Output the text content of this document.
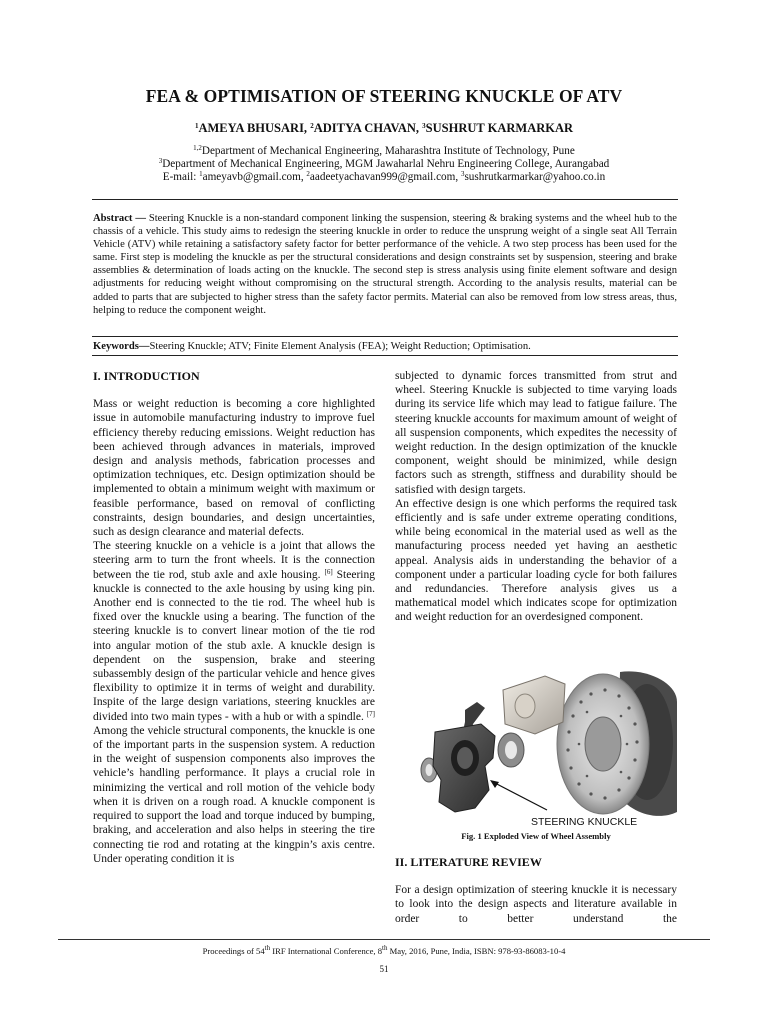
FEA & OPTIMISATION OF STEERING KNUCKLE OF ATV
$^1$AMEYA BHUSARI, $^2$ADITYA CHAVAN, $^3$SUSHRUT KARMARKAR
$^{1,2}$Department of Mechanical Engineering, Maharashtra Institute of Technology, Pune
$^3$Department of Mechanical Engineering, MGM Jawaharlal Nehru Engineering College, Aurangabad
E-mail: $^1$ameyavb@gmail.com, $^2$aadeetyachavan999@gmail.com, $^3$sushrutkarmarkar@yahoo.co.in
Abstract — Steering Knuckle is a non-standard component linking the suspension, steering & braking systems and the wheel hub to the chassis of a vehicle. This study aims to redesign the steering knuckle in order to reduce the unsprung weight of a single seat All Terrain Vehicle (ATV) while retaining a satisfactory safety factor for better performance of the vehicle. A two step process has been used for the same. First step is modeling the knuckle as per the structural considerations and design constraints set by suspension, steering and brake assemblies & determination of loads acting on the knuckle. The second step is stress analysis using finite element software and design adjustments for reducing weight without compromising on the structural strength. According to the analysis results, material can be added to parts that are subjected to higher stress than the safety factor permits. Material can also be removed from low stress areas, thus, helping to reduce the component weight.
Keywords—Steering Knuckle; ATV; Finite Element Analysis (FEA); Weight Reduction; Optimisation.

I. INTRODUCTION

Mass or weight reduction is becoming a core highlighted issue in automobile manufacturing industry to improve fuel efficiency thereby reducing emissions. Weight reduction has been achieved through advances in materials, improved design and analysis methods, fabrication processes and optimization techniques, etc. Design optimization should be implemented to obtain a minimum weight with maximum or feasible performance, based on removal of conflicting constraints, design boundaries, and design uncertainties, such as design clearance and material defects.

The steering knuckle on a vehicle is a joint that allows the steering arm to turn the front wheels. It is the connection between the tie rod, stub axle and axle housing. [6] Steering knuckle is connected to the axle housing by using king pin. Another end is connected to the tie rod. The wheel hub is fixed over the knuckle using a bearing. The function of the steering knuckle is to convert linear motion of the tie rod into angular motion of the stub axle. A knuckle design is dependent on the suspension, brake and steering subassembly design of the particular vehicle and hence gives flexibility to optimize it in terms of weight and durability. Inspite of the large design variations, steering knuckles are divided into two main types - with a hub or with a spindle. [7] Among the vehicle structural components, the knuckle is one of the important parts in the suspension system. A reduction in the weight of suspension components also improves the vehicle’s handling performance. It plays a crucial role in minimizing the vertical and roll motion of the vehicle body when it is driven on a rough road. A knuckle component is required to support the load and torque induced by bumping, braking, and acceleration and also helps in steering the tire connecting tie rod and rotating at the kingpin’s axis centre. Under operating condition it is

subjected to dynamic forces transmitted from strut and wheel. Steering Knuckle is subjected to time varying loads during its service life which may lead to fatigue failure. The steering knuckle accounts for maximum amount of weight of all suspension components, which expedites the necessity of weight reduction. In the design optimization of the knuckle component, weight should be minimized, while design factors such as strength, stiffness and durability should be satisfied with design targets.

An effective design is one which performs the required task efficiently and is safe under extreme operating conditions, while being economical in the material used as well as the manufacturing process needed yet having an aesthetic appeal. Analysis aids in understanding the behavior of a component under a particular loading cycle for both failures and redundancies. Therefore analysis gives us a mathematical model which indicates scope for optimization and weight reduction for an overdesigned component.

STEERING KNUCKLE
Fig. 1 Exploded View of Wheel Assembly

II. LITERATURE REVIEW

For a design optimization of steering knuckle it is necessary to look into the design aspects and literature available in order to better understand the

Proceedings of 54th IRF International Conference, 8th May, 2016, Pune, India, ISBN: 978-93-86083-10-4
51
